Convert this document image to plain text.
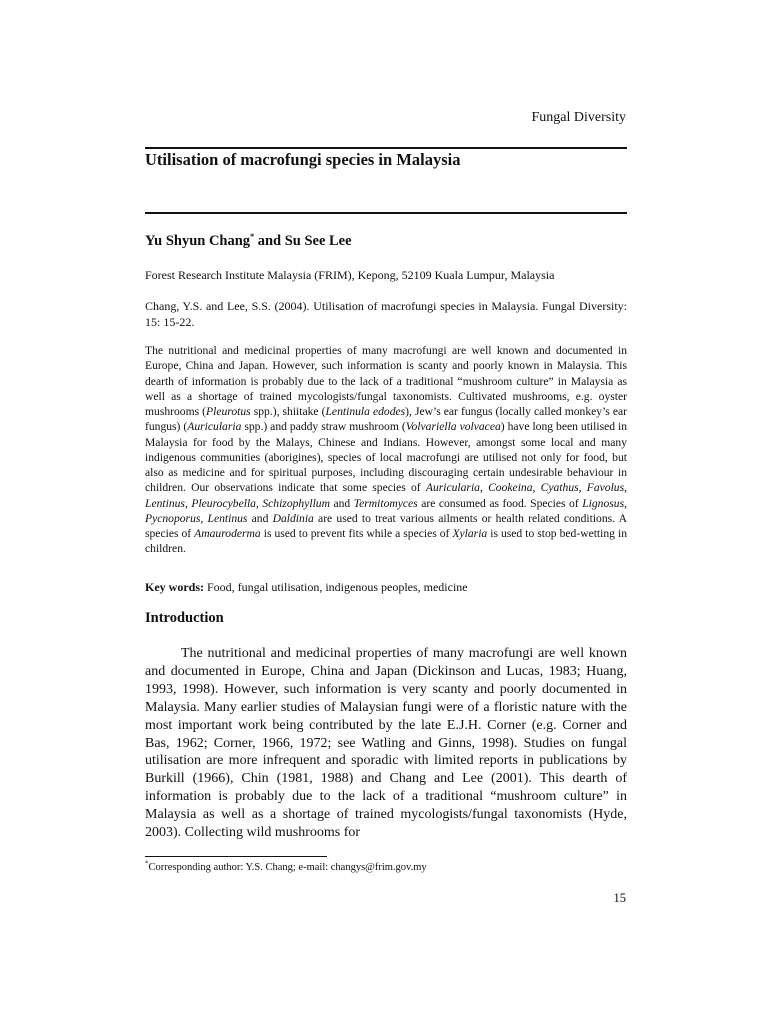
Fungal Diversity
Utilisation of macrofungi species in Malaysia
Yu Shyun Chang* and Su See Lee
Forest Research Institute Malaysia (FRIM), Kepong, 52109 Kuala Lumpur, Malaysia
Chang, Y.S. and Lee, S.S. (2004). Utilisation of macrofungi species in Malaysia. Fungal Diversity: 15: 15-22.
The nutritional and medicinal properties of many macrofungi are well known and documented in Europe, China and Japan. However, such information is scanty and poorly known in Malaysia. This dearth of information is probably due to the lack of a traditional “mushroom culture” in Malaysia as well as a shortage of trained mycologists/fungal taxonomists. Cultivated mushrooms, e.g. oyster mushrooms (Pleurotus spp.), shiitake (Lentinula edodes), Jew’s ear fungus (locally called monkey’s ear fungus) (Auricularia spp.) and paddy straw mushroom (Volvariella volvacea) have long been utilised in Malaysia for food by the Malays, Chinese and Indians. However, amongst some local and many indigenous communities (aborigines), species of local macrofungi are utilised not only for food, but also as medicine and for spiritual purposes, including discouraging certain undesirable behaviour in children. Our observations indicate that some species of Auricularia, Cookeina, Cyathus, Favolus, Lentinus, Pleurocybella, Schizophyllum and Termitomyces are consumed as food. Species of Lignosus, Pycnoporus, Lentinus and Daldinia are used to treat various ailments or health related conditions. A species of Amauroderma is used to prevent fits while a species of Xylaria is used to stop bed-wetting in children.
Key words: Food, fungal utilisation, indigenous peoples, medicine
Introduction
The nutritional and medicinal properties of many macrofungi are well known and documented in Europe, China and Japan (Dickinson and Lucas, 1983; Huang, 1993, 1998). However, such information is very scanty and poorly documented in Malaysia. Many earlier studies of Malaysian fungi were of a floristic nature with the most important work being contributed by the late E.J.H. Corner (e.g. Corner and Bas, 1962; Corner, 1966, 1972; see Watling and Ginns, 1998). Studies on fungal utilisation are more infrequent and sporadic with limited reports in publications by Burkill (1966), Chin (1981, 1988) and Chang and Lee (2001). This dearth of information is probably due to the lack of a traditional “mushroom culture” in Malaysia as well as a shortage of trained mycologists/fungal taxonomists (Hyde, 2003). Collecting wild mushrooms for
*Corresponding author: Y.S. Chang; e-mail: changys@frim.gov.my
15
